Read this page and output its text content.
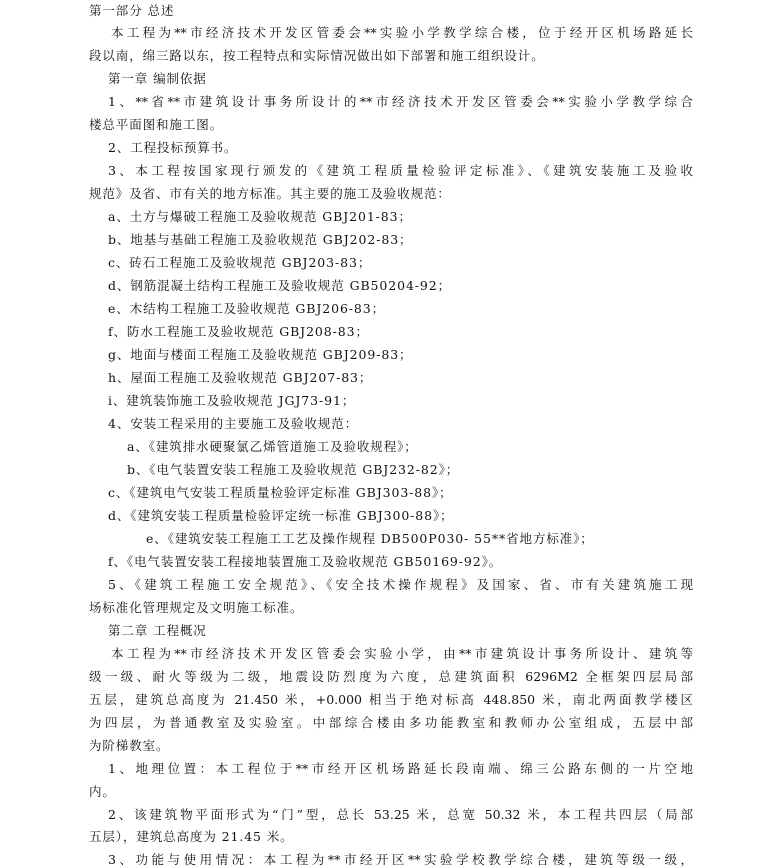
第一部分 总述
本工程为**市经济技术开发区管委会**实验小学教学综合楼，位于经开区机场路延长
段以南，绵三路以东，按工程特点和实际情况做出如下部署和施工组织设计。
第一章 编制依据
1、**省**市建筑设计事务所设计的**市经济技术开发区管委会**实验小学教学综合
楼总平面图和施工图。
2、工程投标预算书。
3、本工程按国家现行颁发的《建筑工程质量检验评定标准》、《建筑安装施工及验收
规范》及省、市有关的地方标准。其主要的施工及验收规范：
a、土方与爆破工程施工及验收规范 GBJ201-83；
b、地基与基础工程施工及验收规范 GBJ202-83；
c、砖石工程施工及验收规范 GBJ203-83；
d、钢筋混凝土结构工程施工及验收规范 GB50204-92；
e、木结构工程施工及验收规范 GBJ206-83；
f、防水工程施工及验收规范 GBJ208-83；
g、地面与楼面工程施工及验收规范 GBJ209-83；
h、屋面工程施工及验收规范 GBJ207-83；
i、建筑装饰施工及验收规范 JGJ73-91；
4、安装工程采用的主要施工及验收规范：
a、《建筑排水硬聚氯乙烯管道施工及验收规程》；
b、《电气装置安装工程施工及验收规范 GBJ232-82》；
c、《建筑电气安装工程质量检验评定标准 GBJ303-88》；
d、《建筑安装工程质量检验评定统一标准 GBJ300-88》；
e、《建筑安装工程施工工艺及操作规程 DB500P030- 55**省地方标准》；
f、《电气装置安装工程接地装置施工及验收规范 GB50169-92》。
5、《建筑工程施工安全规范》、《安全技术操作规程》及国家、省、市有关建筑施工现
场标准化管理规定及文明施工标准。
第二章 工程概况
本工程为**市经济技术开发区管委会实验小学，由**市建筑设计事务所设计、建筑等
级一级、耐火等级为二级，地震设防烈度为六度，总建筑面积 6296M2 全框架四层局部
五层，建筑总高度为 21.450 米，+0.000 相当于绝对标高 448.850 米，南北两面教学楼区
为四层，为普通教室及实验室。中部综合楼由多功能教室和教师办公室组成，五层中部
为阶梯教室。
1、地理位置：本工程位于**市经开区机场路延长段南端、绵三公路东侧的一片空地
内。
2、该建筑物平面形式为“门”型，总长 53.25 米，总宽 50.32 米，本工程共四层（局部
五层），建筑总高度为 21.45 米。
3、功能与使用情况：本工程为**市经开区**实验学校教学综合楼，建筑等级一级，
